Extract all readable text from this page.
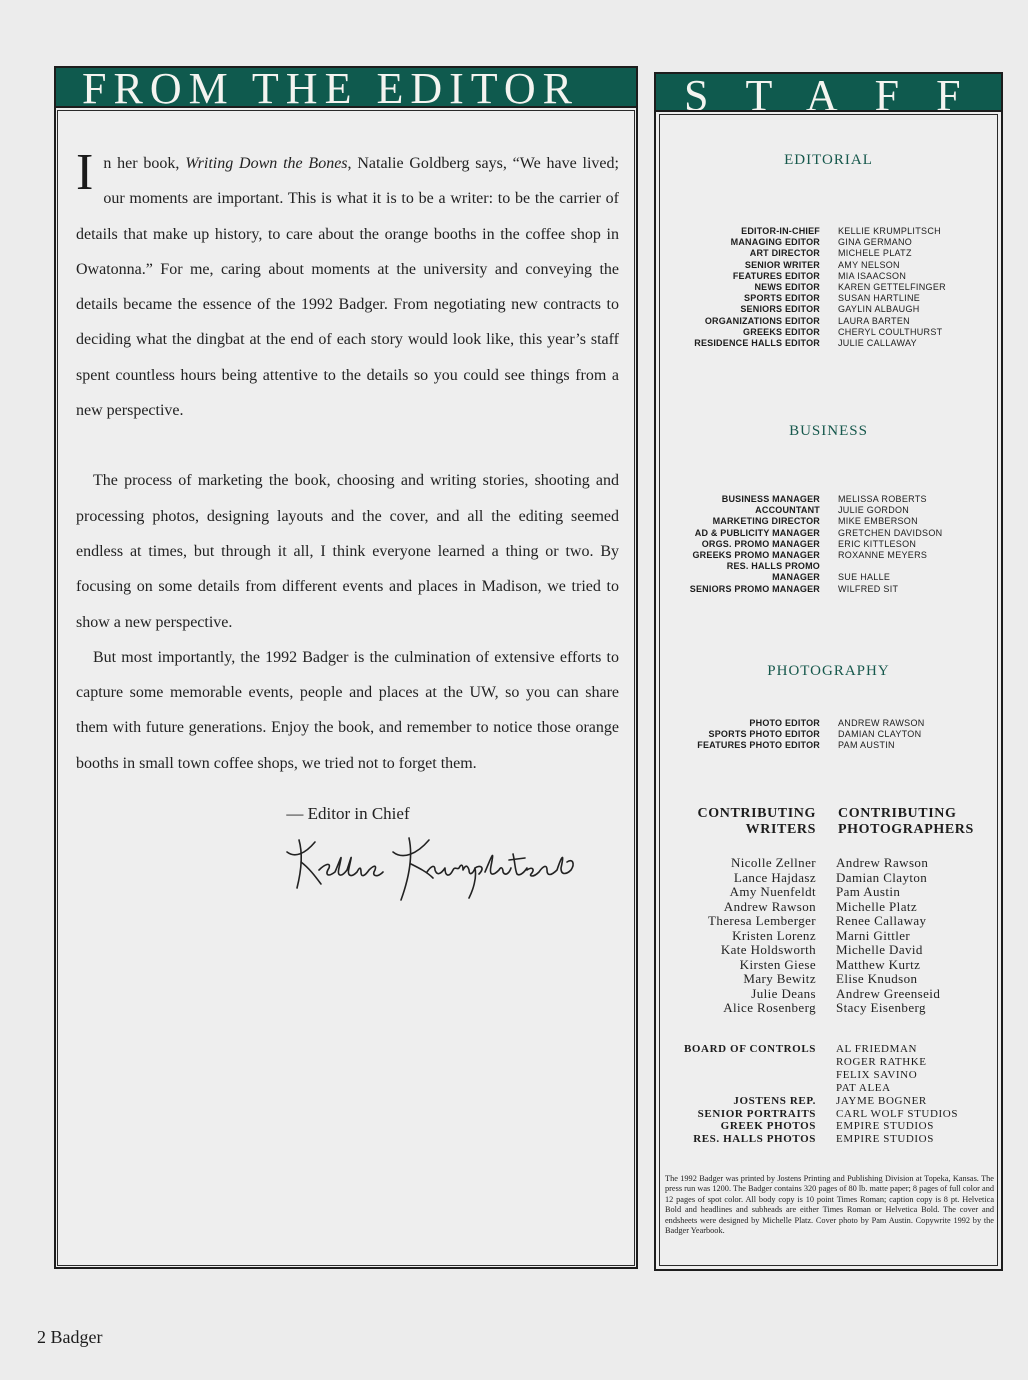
FROM THE EDITOR

In her book, Writing Down the Bones, Natalie Goldberg says, “We have lived; our moments are important. This is what it is to be a writer: to be the carrier of details that make up history, to care about the orange booths in the coffee shop in Owatonna.” For me, caring about moments at the university and conveying the details became the essence of the 1992 Badger. From negotiating new contracts to deciding what the dingbat at the end of each story would look like, this year’s staff spent countless hours being attentive to the details so you could see things from a new perspective.

The process of marketing the book, choosing and writing stories, shooting and processing photos, designing layouts and the cover, and all the editing seemed endless at times, but through it all, I think everyone learned a thing or two. By focusing on some details from different events and places in Madison, we tried to show a new perspective.

But most importantly, the 1992 Badger is the culmination of extensive efforts to capture some memorable events, people and places at the UW, so you can share them with future generations. Enjoy the book, and remember to notice those orange booths in small town coffee shops, we tried not to forget them.

— Editor in Chief
STAFF
EDITORIAL
EDITOR-IN-CHIEF
MANAGING EDITOR
ART DIRECTOR
SENIOR WRITER
FEATURES EDITOR
NEWS EDITOR
SPORTS EDITOR
SENIORS EDITOR
ORGANIZATIONS EDITOR
GREEKS EDITOR
RESIDENCE HALLS EDITOR
KELLIE KRUMPLITSCH
GINA GERMANO
MICHELE PLATZ
AMY NELSON
MIA ISAACSON
KAREN GETTELFINGER
SUSAN HARTLINE
GAYLIN ALBAUGH
LAURA BARTEN
CHERYL COULTHURST
JULIE CALLAWAY
BUSINESS
BUSINESS MANAGER
ACCOUNTANT
MARKETING DIRECTOR
AD & PUBLICITY MANAGER
ORGS. PROMO MANAGER
GREEKS PROMO MANAGER
RES. HALLS PROMO
MANAGER
SENIORS PROMO MANAGER
MELISSA ROBERTS
JULIE GORDON
MIKE EMBERSON
GRETCHEN DAVIDSON
ERIC KITTLESON
ROXANNE MEYERS

SUE HALLE
WILFRED SIT
PHOTOGRAPHY
PHOTO EDITOR
SPORTS PHOTO EDITOR
FEATURES PHOTO EDITOR
ANDREW RAWSON
DAMIAN CLAYTON
PAM AUSTIN
CONTRIBUTING
WRITERS
CONTRIBUTING
PHOTOGRAPHERS
Nicolle Zellner
Lance Hajdasz
Amy Nuenfeldt
Andrew Rawson
Theresa Lemberger
Kristen Lorenz
Kate Holdsworth
Kirsten Giese
Mary Bewitz
Julie Deans
Alice Rosenberg
Andrew Rawson
Damian Clayton
Pam Austin
Michelle Platz
Renee Callaway
Marni Gittler
Michelle David
Matthew Kurtz
Elise Knudson
Andrew Greenseid
Stacy Eisenberg
BOARD OF CONTROLS

JOSTENS REP.
SENIOR PORTRAITS
GREEK PHOTOS
RES. HALLS PHOTOS
AL FRIEDMAN
ROGER RATHKE
FELIX SAVINO
PAT ALEA
JAYME BOGNER
CARL WOLF STUDIOS
EMPIRE STUDIOS
EMPIRE STUDIOS
The 1992 Badger was printed by Jostens Printing and Publishing Division at Topeka, Kansas. The press run was 1200. The Badger contains 320 pages of 80 lb. matte paper; 8 pages of full color and 12 pages of spot color. All body copy is 10 point Times Roman; caption copy is 8 pt. Helvetica Bold and headlines and subheads are either Times Roman or Helvetica Bold. The cover and endsheets were designed by Michelle Platz. Cover photo by Pam Austin. Copywrite 1992 by the Badger Yearbook.
2 Badger
